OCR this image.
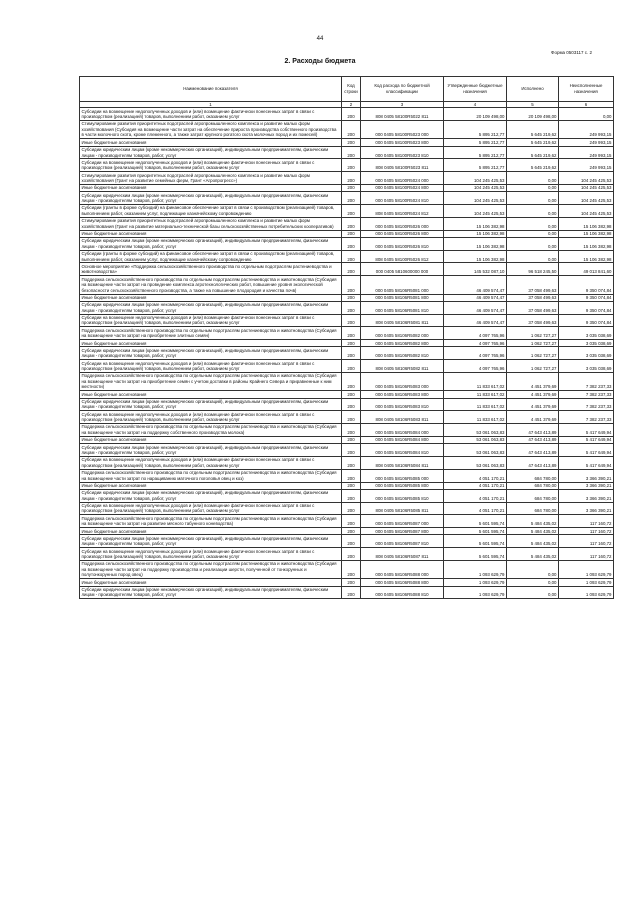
44
Форма 0503117 с. 2
2. Расходы бюджета
Наименование показателя	Код строки	Код расхода по бюджетной классификации	Утвержденные бюджетные назначения	Исполнено	Неисполненные назначения
1	2	3	4	5	6
Субсидии на возмещение недополученных доходов и (или) возмещение фактически понесенных затрат в связи с производством (реализацией) товаров, выполнением работ, оказанием услуг	200	808 0405 58100R5022 811	20 109 498,00	20 109 498,00	0,00
Стимулирование развития приоритетных подотраслей агропромышленного комплекса и развитие малых форм хозяйствования (Субсидия на возмещение части затрат на обеспечение прироста производства собственного производства в части молочного скота, кроме племенного, а также затрат крупного рогатого скота молочных пород и их помесей)	200	000 0405 58100R5023 000	5 895 212,77	5 645 219,62	249 993,15
Иные бюджетные ассигнования	200	000 0405 58100R5023 800	5 895 212,77	5 645 219,62	249 993,15
Субсидии юридическим лицам (кроме некоммерческих организаций), индивидуальным предпринимателям, физическим лицам - производителям товаров, работ, услуг	200	000 0405 58100R5023 810	5 895 212,77	5 645 219,62	249 993,15
Субсидии на возмещение недополученных доходов и (или) возмещение фактически понесенных затрат в связи с производством (реализацией) товаров, выполнением работ, оказанием услуг	200	808 0405 58100R5023 811	5 895 212,77	5 645 219,62	249 993,15
Стимулирование развития приоритетных подотраслей агропромышленного комплекса и развитие малых форм хозяйствования (Грант на развитие семейных ферм, Грант «Агропрогресс»)	200	000 0405 58100R5024 000	104 245 425,53	0,00	104 245 425,53
Иные бюджетные ассигнования	200	000 0405 58100R5024 800	104 245 425,53	0,00	104 245 425,53
Субсидии юридическим лицам (кроме некоммерческих организаций), индивидуальным предпринимателям, физическим лицам - производителям товаров, работ, услуг	200	000 0405 58100R5024 810	104 245 425,53	0,00	104 245 425,53
Субсидии (гранты в форме субсидий) на финансовое обеспечение затрат в связи с производством (реализацией) товаров, выполнением работ, оказанием услуг, подлежащие казначейскому сопровождению	200	808 0405 58100R5024 812	104 245 425,53	0,00	104 245 425,53
Стимулирование развития приоритетных подотраслей агропромышленного комплекса и развитие малых форм хозяйствования (Грант на развитие материально-технической базы сельскохозяйственных потребительских кооперативов)	200	000 0405 58100R5026 000	15 106 382,98	0,00	15 106 382,98
Иные бюджетные ассигнования	200	000 0405 58100R5026 800	15 106 382,98	0,00	15 106 382,98
Субсидии юридическим лицам (кроме некоммерческих организаций), индивидуальным предпринимателям, физическим лицам - производителям товаров, работ, услуг	200	000 0405 58100R5026 810	15 106 382,98	0,00	15 106 382,98
Субсидии (гранты в форме субсидий) на финансовое обеспечение затрат в связи с производством (реализацией) товаров, выполнением работ, оказанием услуг, подлежащие казначейскому сопровождению	200	808 0405 58100R5026 812	15 106 382,98	0,00	15 106 382,98
Основное мероприятие «Поддержка сельскохозяйственного производства по отдельным подотраслям растениеводства и животноводства»	200	000 0405 5810600000 000	145 532 087,10	96 518 245,50	49 013 841,60
Поддержка сельскохозяйственного производства по отдельным подотраслям растениеводства и животноводства (Субсидия на возмещение части затрат на проведение комплекса агротехнологических работ, повышение уровня экологической безопасности сельскохозяйственного производства, а также на повышение плодородия и качества почв)	200	000 0405 58106R5081 000	46 409 574,47	37 058 499,63	9 350 074,84
Иные бюджетные ассигнования	200	000 0405 58106R5081 800	46 409 574,47	37 058 499,63	9 350 074,84
Субсидии юридическим лицам (кроме некоммерческих организаций), индивидуальным предпринимателям, физическим лицам - производителям товаров, работ, услуг	200	000 0405 58106R5081 810	46 409 574,47	37 058 499,63	9 350 074,84
Субсидии на возмещение недополученных доходов и (или) возмещение фактически понесенных затрат в связи с производством (реализацией) товаров, выполнением работ, оказанием услуг	200	808 0405 58106R5081 811	46 409 574,47	37 058 499,63	9 350 074,84
Поддержка сельскохозяйственного производства по отдельным подотраслям растениеводства и животноводства (Субсидия на возмещение части затрат на приобретение элитных семян)	200	000 0405 58106R5082 000	4 097 765,96	1 062 727,27	3 035 038,69
Иные бюджетные ассигнования	200	000 0405 58106R5082 800	4 097 765,96	1 062 727,27	3 035 038,69
Субсидии юридическим лицам (кроме некоммерческих организаций), индивидуальным предпринимателям, физическим лицам - производителям товаров, работ, услуг	200	000 0405 58106R5082 810	4 097 765,96	1 062 727,27	3 035 038,69
Субсидии на возмещение недополученных доходов и (или) возмещение фактически понесенных затрат в связи с производством (реализацией) товаров, выполнением работ, оказанием услуг	200	808 0405 58106R5082 811	4 097 765,96	1 062 727,27	3 035 038,69
Поддержка сельскохозяйственного производства по отдельным подотраслям растениеводства и животноводства (Субсидия на возмещение части затрат на приобретение семян с учетом доставки в районы Крайнего Севера и приравненные к ним местности)	200	000 0405 58106R5083 000	11 833 617,02	4 451 379,69	7 382 237,33
Иные бюджетные ассигнования	200	000 0405 58106R5083 800	11 833 617,02	4 451 379,69	7 382 237,33
Субсидии юридическим лицам (кроме некоммерческих организаций), индивидуальным предпринимателям, физическим лицам - производителям товаров, работ, услуг	200	000 0405 58106R5083 810	11 833 617,02	4 451 379,69	7 382 237,33
Субсидии на возмещение недополученных доходов и (или) возмещение фактически понесенных затрат в связи с производством (реализацией) товаров, выполнением работ, оказанием услуг	200	808 0405 58106R5083 811	11 833 617,02	4 451 379,69	7 382 237,33
Поддержка сельскохозяйственного производства по отдельным подотраслям растениеводства и животноводства (Субсидия на возмещение части затрат на поддержку собственного производства молока)	200	000 0405 58106R5084 000	53 061 063,83	47 643 413,89	5 417 649,94
Иные бюджетные ассигнования	200	000 0405 58106R5084 800	53 061 063,83	47 643 413,89	5 417 649,94
Субсидии юридическим лицам (кроме некоммерческих организаций), индивидуальным предпринимателям, физическим лицам - производителям товаров, работ, услуг	200	000 0405 58106R5084 810	53 061 063,83	47 643 413,89	5 417 649,94
Субсидии на возмещение недополученных доходов и (или) возмещение фактически понесенных затрат в связи с производством (реализацией) товаров, выполнением работ, оказанием услуг	200	808 0405 58106R5084 811	53 061 063,83	47 643 413,89	5 417 649,94
Поддержка сельскохозяйственного производства по отдельным подотраслям растениеводства и животноводства (Субсидия на возмещение части затрат по наращиванию маточного поголовья овец и коз)	200	000 0405 58106R5085 000	4 051 170,21	684 780,00	3 366 390,21
Иные бюджетные ассигнования	200	000 0405 58106R5085 800	4 051 170,21	684 780,00	3 366 390,21
Субсидии юридическим лицам (кроме некоммерческих организаций), индивидуальным предпринимателям, физическим лицам - производителям товаров, работ, услуг	200	000 0405 58106R5085 810	4 051 170,21	684 780,00	3 366 390,21
Субсидии на возмещение недополученных доходов и (или) возмещение фактически понесенных затрат в связи с производством (реализацией) товаров, выполнением работ, оказанием услуг	200	808 0405 58106R5085 811	4 051 170,21	684 780,00	3 366 390,21
Поддержка сельскохозяйственного производства по отдельным подотраслям растениеводства и животноводства (Субсидия на возмещение части затрат на развитие мясного табунного коневодства)	200	000 0405 58106R5087 000	5 601 595,74	5 484 435,02	117 160,72
Иные бюджетные ассигнования	200	000 0405 58106R5087 800	5 601 595,74	5 484 435,02	117 160,72
Субсидии юридическим лицам (кроме некоммерческих организаций), индивидуальным предпринимателям, физическим лицам - производителям товаров, работ, услуг	200	000 0405 58106R5087 810	5 601 595,74	5 484 435,02	117 160,72
Субсидии на возмещение недополученных доходов и (или) возмещение фактически понесенных затрат в связи с производством (реализацией) товаров, выполнением работ, оказанием услуг	200	808 0405 58106R5087 811	5 601 595,74	5 484 435,02	117 160,72
Поддержка сельскохозяйственного производства по отдельным подотраслям растениеводства и животноводства (Субсидия на возмещение части затрат на поддержку производства и реализации шерсти, полученной от тонкорунных и полутонкорунных пород овец)	200	000 0405 58106R5088 000	1 093 629,79	0,00	1 093 629,79
Иные бюджетные ассигнования	200	000 0405 58106R5088 800	1 093 629,79	0,00	1 093 629,79
Субсидии юридическим лицам (кроме некоммерческих организаций), индивидуальным предпринимателям, физическим лицам - производителям товаров, работ, услуг	200	000 0405 58106R5088 810	1 093 629,79	0,00	1 093 629,79
